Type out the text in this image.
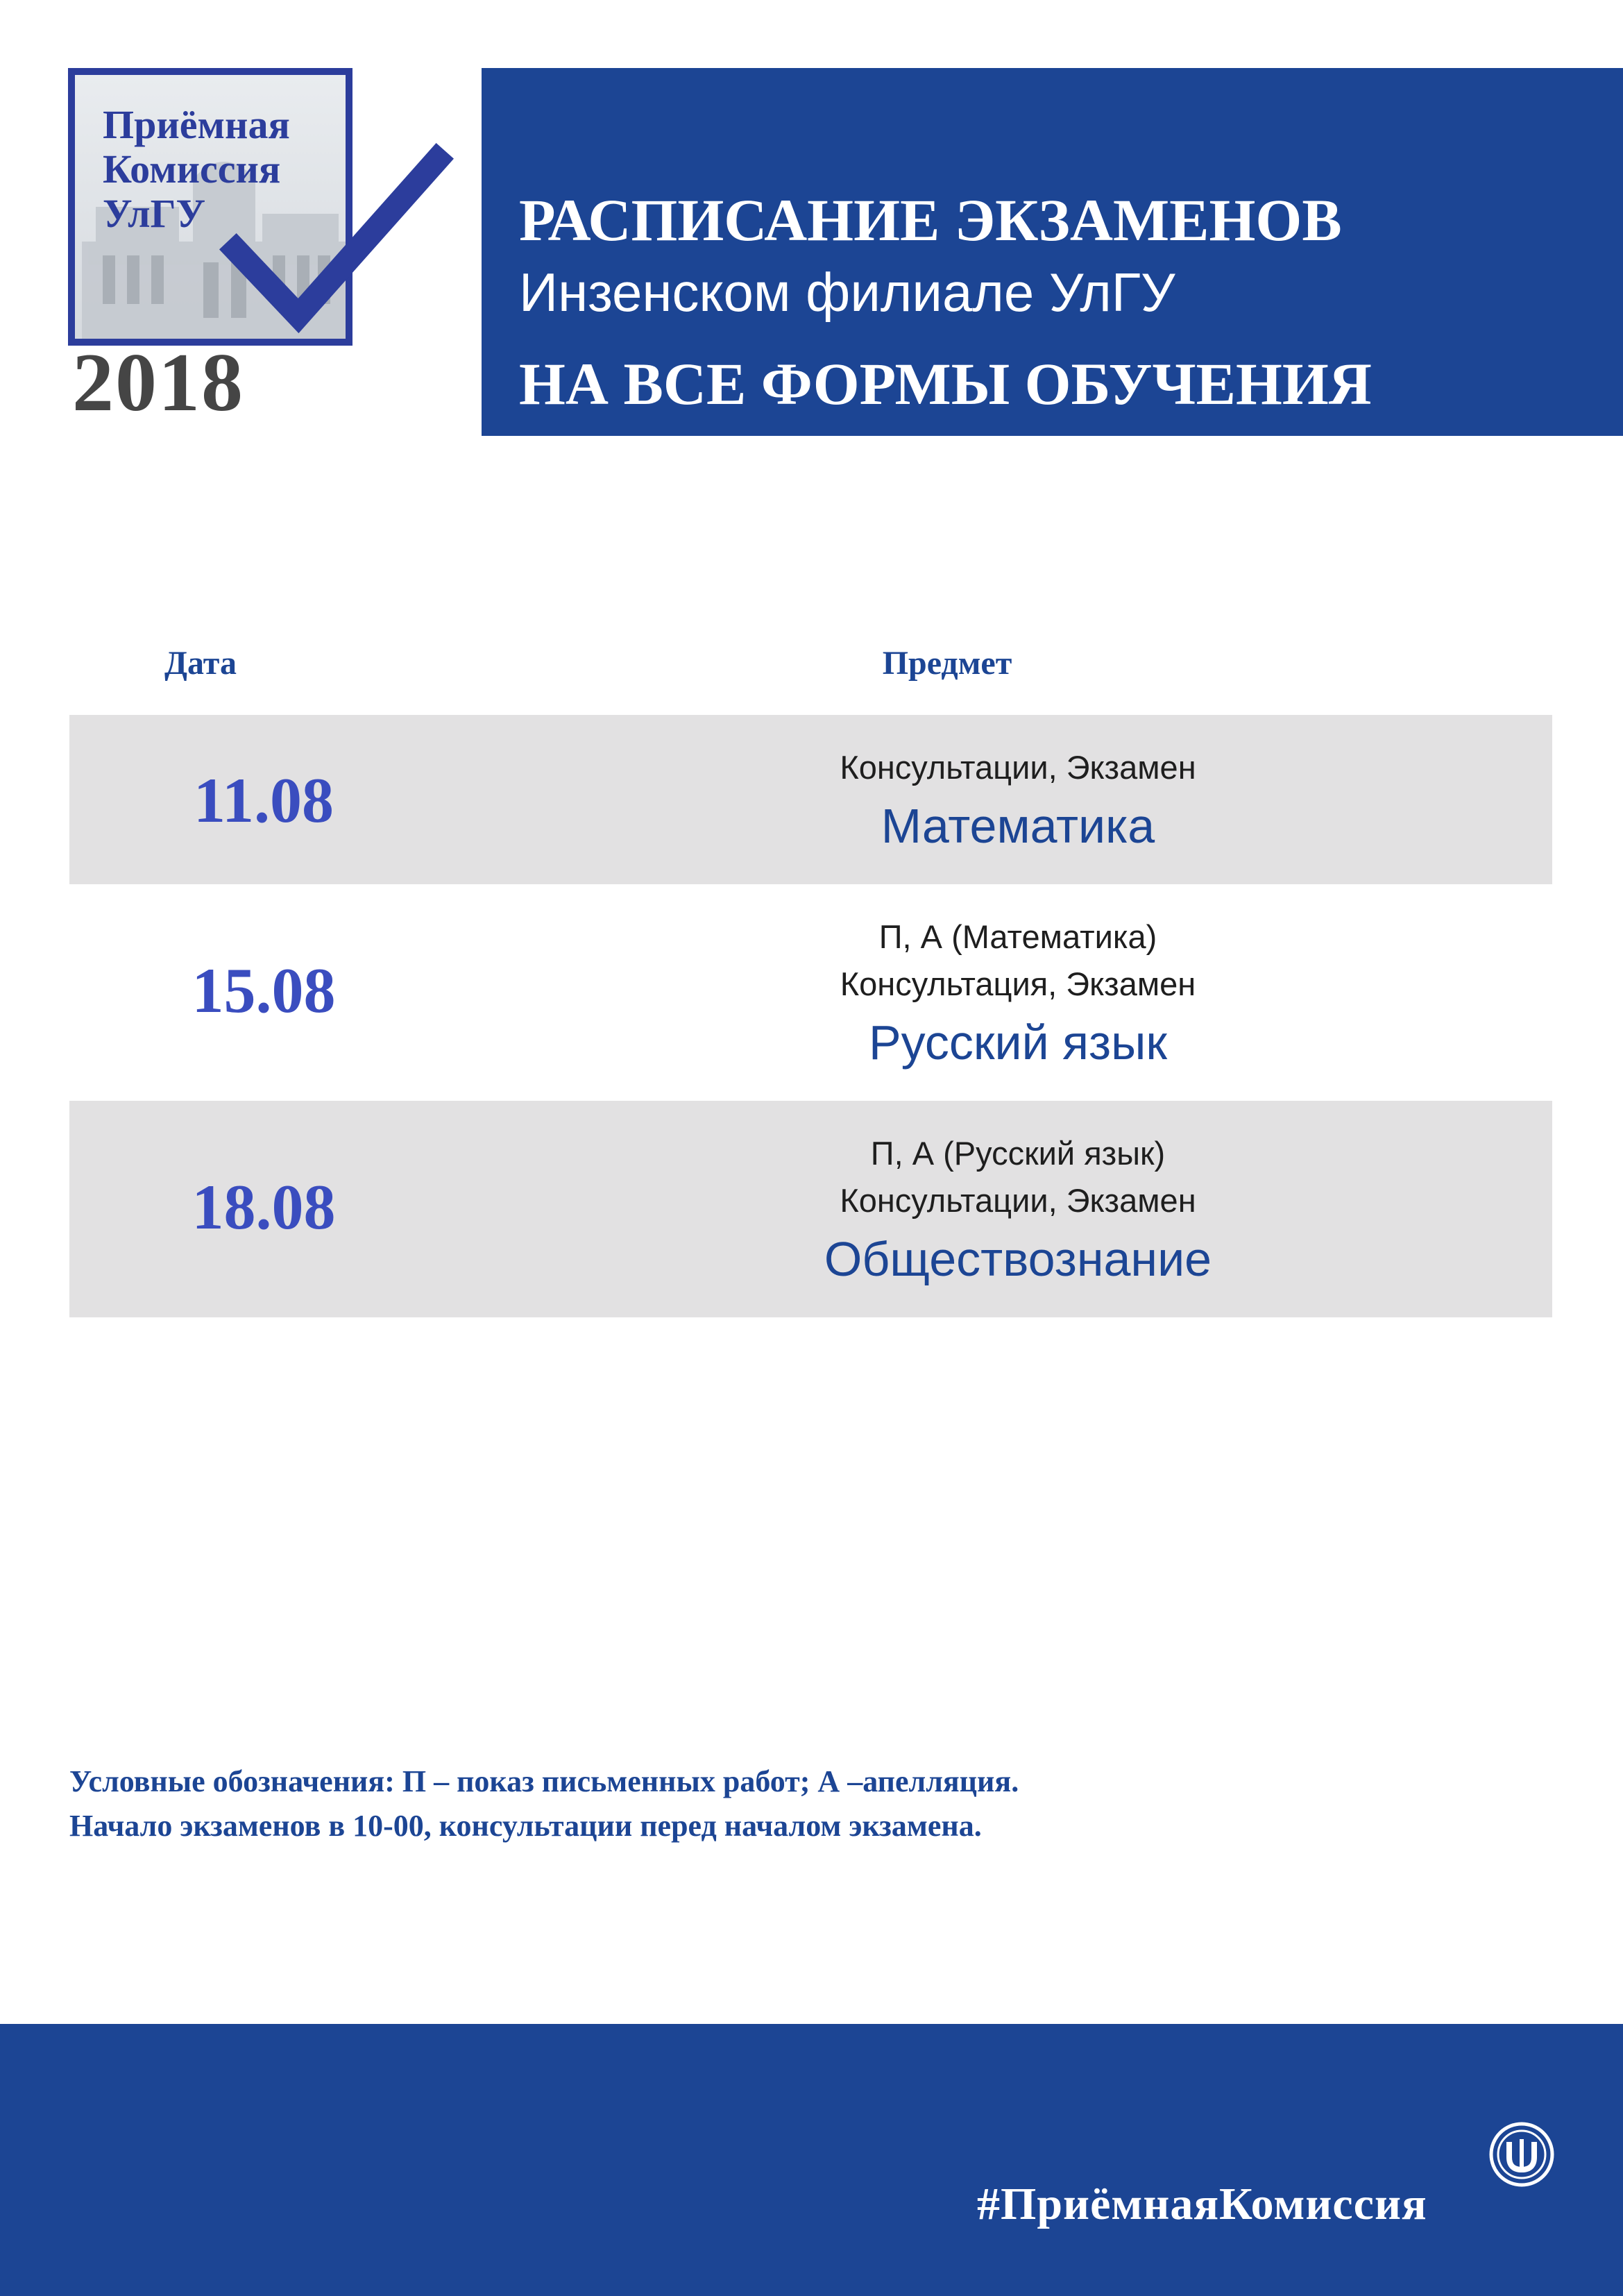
Приёмная
Комиссия
УлГУ
2018

РАСПИСАНИЕ ЭКЗАМЕНОВ

НА ВСЕ ФОРМЫ ОБУЧЕНИЯ

Инзенском филиале УлГУ
Дата	Предмет
11.08	Консультации, Экзамен
Математика
15.08
П, А (Математика)
Консультация, Экзамен
Русский язык
18.08
П, А (Русский язык)
Консультации, Экзамен
Обществознание
Условные обозначения: П – показ письменных работ; А –апелляция.
Начало экзаменов в 10-00, консультации перед началом экзамена.
#ПриёмнаяКомиссия
